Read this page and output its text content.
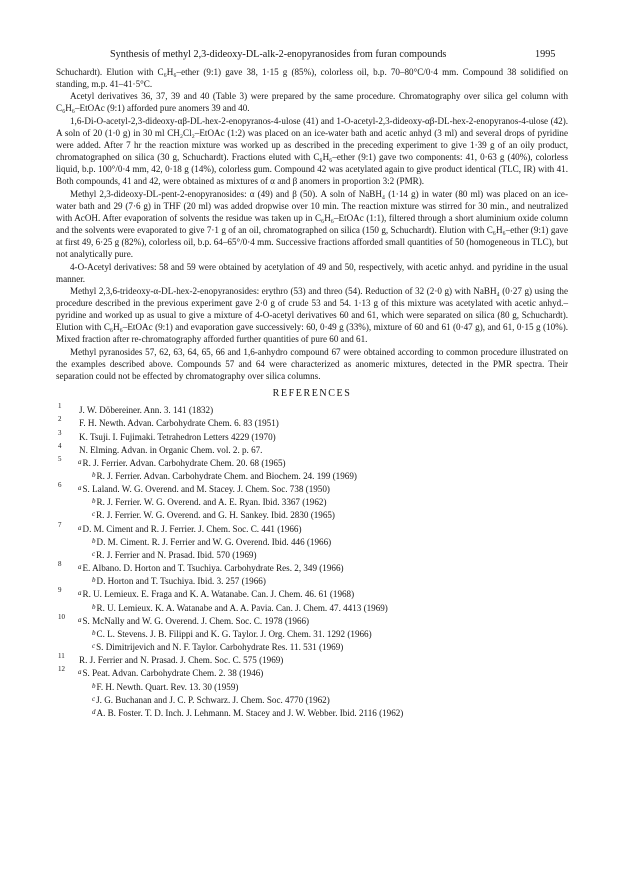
Synthesis of methyl 2,3-dideoxy-DL-alk-2-enopyranosides from furan compounds	1995

Schuchardt). Elution with C₆H₆–ether (9:1) gave 38, 1·15 g (85%), colorless oil, b.p. 70–80°C/0·4 mm. Compound 38 solidified on standing, m.p. 41–41·5°C.

Acetyl derivatives 36, 37, 39 and 40 (Table 3) were prepared by the same procedure. Chromatography over silica gel column with C₆H₆–EtOAc (9:1) afforded pure anomers 39 and 40.

1,6-Di-O-acetyl-2,3-dideoxy-αβ-DL-hex-2-enopyranos-4-ulose (41) and 1-O-acetyl-2,3-dideoxy-αβ-DL-hex-2-enopyranos-4-ulose (42). A soln of 20 (1·0 g) in 30 ml CH₂Cl₂–EtOAc (1:2) was placed on an ice-water bath and acetic anhyd (3 ml) and several drops of pyridine were added. After 7 hr the reaction mixture was worked up as described in the preceding experiment to give 1·39 g of an oily product, chromatographed on silica (30 g, Schuchardt). Fractions eluted with C₆H₆–ether (9:1) gave two components: 41, 0·63 g (40%), colorless liquid, b.p. 100°/0·4 mm, 42, 0·18 g (14%), colorless gum. Compound 42 was acetylated again to give product identical (TLC, IR) with 41. Both compounds, 41 and 42, were obtained as mixtures of α and β anomers in proportion 3:2 (PMR).

Methyl 2,3-dideoxy-DL-pent-2-enopyranosides: α (49) and β (50). A soln of NaBH₄ (1·14 g) in water (80 ml) was placed on an ice-water bath and 29 (7·6 g) in THF (20 ml) was added dropwise over 10 min. The reaction mixture was stirred for 30 min., and neutralized with AcOH. After evaporation of solvents the residue was taken up in C₆H₆–EtOAc (1:1), filtered through a short aluminium oxide column and the solvents were evaporated to give 7·1 g of an oil, chromatographed on silica (150 g, Schuchardt). Elution with C₆H₆–ether (9:1) gave at first 49, 6·25 g (82%), colorless oil, b.p. 64–65°/0·4 mm. Successive fractions afforded small quantities of 50 (homogeneous in TLC), but not analytically pure.

4-O-Acetyl derivatives: 58 and 59 were obtained by acetylation of 49 and 50, respectively, with acetic anhyd. and pyridine in the usual manner.

Methyl 2,3,6-trideoxy-α-DL-hex-2-enopyranosides: erythro (53) and threo (54). Reduction of 32 (2·0 g) with NaBH₄ (0·27 g) using the procedure described in the previous experiment gave 2·0 g of crude 53 and 54. 1·13 g of this mixture was acetylated with acetic anhyd.–pyridine and worked up as usual to give a mixture of 4-O-acetyl derivatives 60 and 61, which were separated on silica (80 g, Schuchardt). Elution with C₆H₆–EtOAc (9:1) and evaporation gave successively: 60, 0·49 g (33%), mixture of 60 and 61 (0·47 g), and 61, 0·15 g (10%). Mixed fraction after re-chromatography afforded further quantities of pure 60 and 61.

Methyl pyranosides 57, 62, 63, 64, 65, 66 and 1,6-anhydro compound 67 were obtained according to common procedure illustrated on the examples described above. Compounds 57 and 64 were characterized as anomeric mixtures, detected in the PMR spectra. Their separation could not be effected by chromatography over silica columns.

REFERENCES
1 J. W. Döbereiner. Ann. 3. 141 (1832)
2 F. H. Newth. Advan. Carbohydrate Chem. 6. 83 (1951)
3 K. Tsuji. I. Fujimaki. Tetrahedron Letters 4229 (1970)
4 N. Elming. Advan. in Organic Chem. vol. 2. p. 67.
5 $^a$R. J. Ferrier. Advan. Carbohydrate Chem. 20. 68 (1965)
$^b$R. J. Ferrier. Advan. Carbohydrate Chem. and Biochem. 24. 199 (1969)
6 $^a$S. Laland. W. G. Overend. and M. Stacey. J. Chem. Soc. 738 (1950)
$^b$R. J. Ferrier. W. G. Overend. and A. E. Ryan. Ibid. 3367 (1962)
$^c$R. J. Ferrier. W. G. Overend. and G. H. Sankey. Ibid. 2830 (1965)
7 $^a$D. M. Ciment and R. J. Ferrier. J. Chem. Soc. C. 441 (1966)
$^b$D. M. Ciment. R. J. Ferrier and W. G. Overend. Ibid. 446 (1966)
$^c$R. J. Ferrier and N. Prasad. Ibid. 570 (1969)
8 $^a$E. Albano. D. Horton and T. Tsuchiya. Carbohydrate Res. 2, 349 (1966)
$^b$D. Horton and T. Tsuchiya. Ibid. 3. 257 (1966)
9 $^a$R. U. Lemieux. E. Fraga and K. A. Watanabe. Can. J. Chem. 46. 61 (1968)
$^b$R. U. Lemieux. K. A. Watanabe and A. A. Pavia. Can. J. Chem. 47. 4413 (1969)
10 $^a$S. McNally and W. G. Overend. J. Chem. Soc. C. 1978 (1966)
$^b$C. L. Stevens. J. B. Filippi and K. G. Taylor. J. Org. Chem. 31. 1292 (1966)
$^c$S. Dimitrijevich and N. F. Taylor. Carbohydrate Res. 11. 531 (1969)
11 R. J. Ferrier and N. Prasad. J. Chem. Soc. C. 575 (1969)
12 $^a$S. Peat. Advan. Carbohydrate Chem. 2. 38 (1946)
$^b$F. H. Newth. Quart. Rev. 13. 30 (1959)
$^c$J. G. Buchanan and J. C. P. Schwarz. J. Chem. Soc. 4770 (1962)
$^d$A. B. Foster. T. D. Inch. J. Lehmann. M. Stacey and J. W. Webber. Ibid. 2116 (1962)
